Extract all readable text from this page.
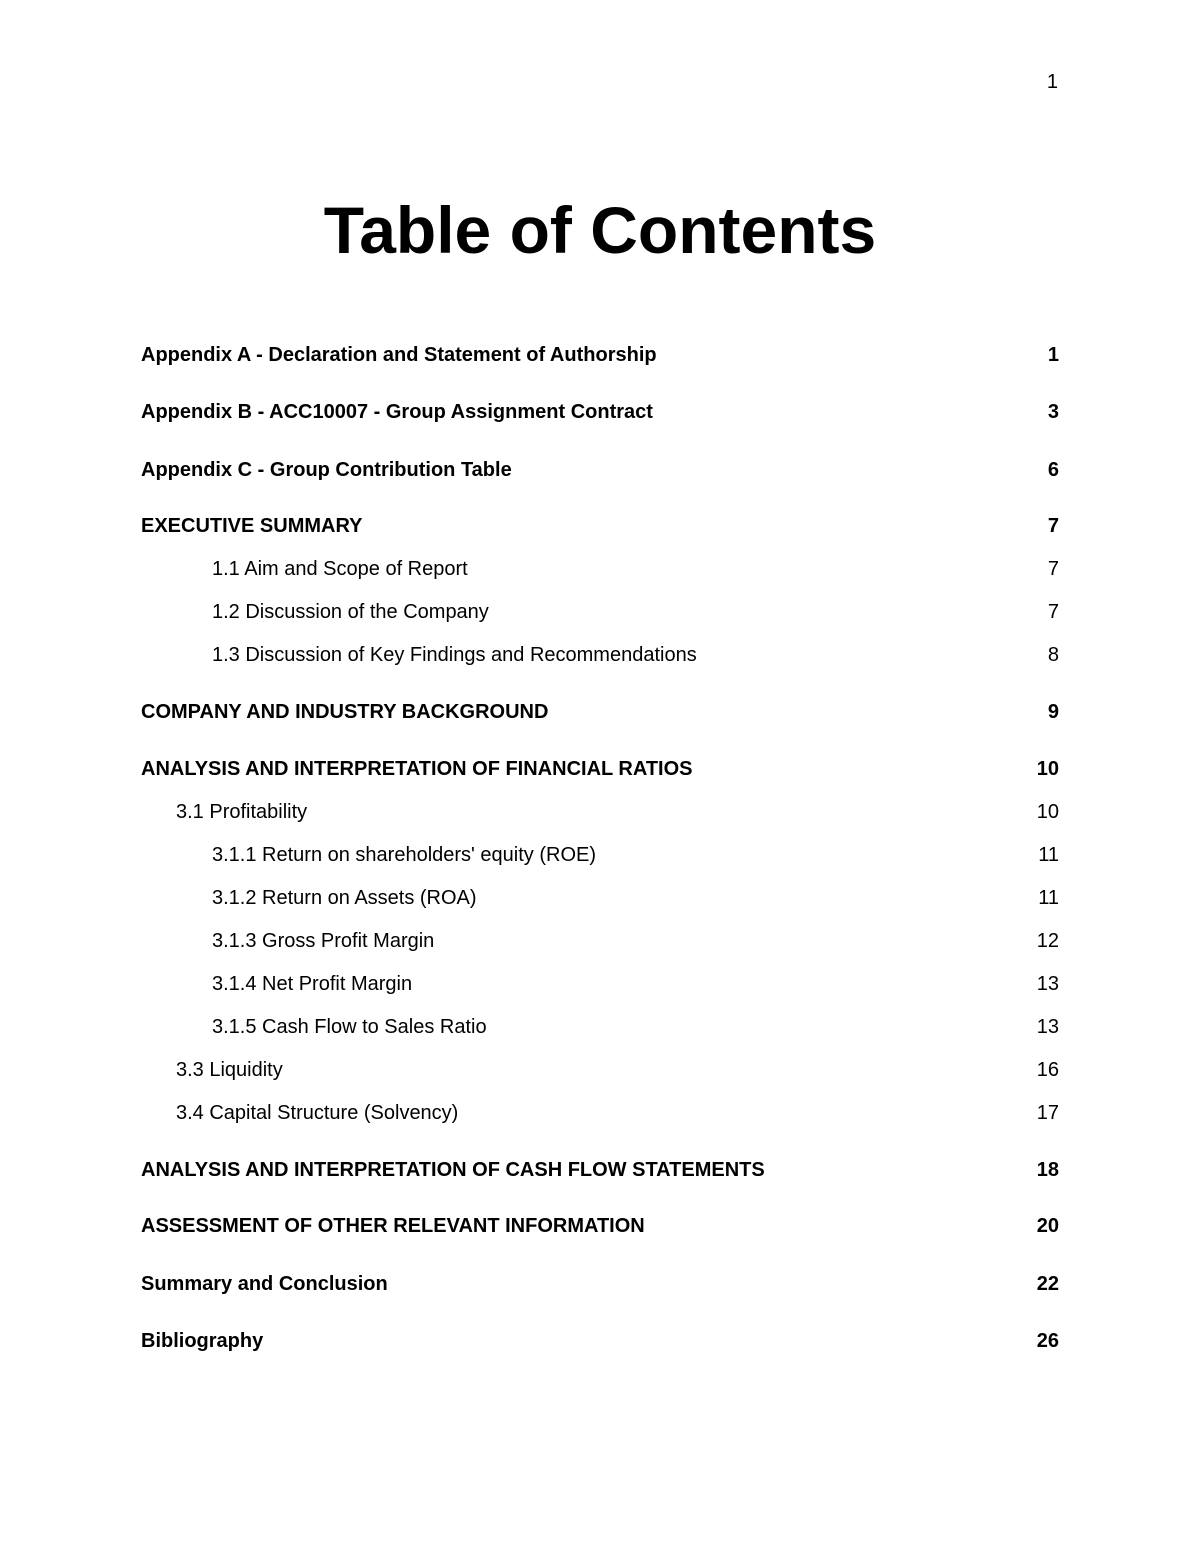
1
Table of Contents
Appendix A - Declaration and Statement of Authorship	1
Appendix B - ACC10007 - Group Assignment Contract	3
Appendix C - Group Contribution Table	6
EXECUTIVE SUMMARY	7
1.1 Aim and Scope of Report	7
1.2 Discussion of the Company	7
1.3 Discussion of Key Findings and Recommendations	8
COMPANY AND INDUSTRY BACKGROUND	9
ANALYSIS AND INTERPRETATION OF FINANCIAL RATIOS	10
3.1 Profitability	10
3.1.1 Return on shareholders' equity (ROE)	11
3.1.2 Return on Assets (ROA)	11
3.1.3 Gross Profit Margin	12
3.1.4 Net Profit Margin	13
3.1.5 Cash Flow to Sales Ratio	13
3.3 Liquidity	16
3.4 Capital Structure (Solvency)	17
ANALYSIS AND INTERPRETATION OF CASH FLOW STATEMENTS	18
ASSESSMENT OF OTHER RELEVANT INFORMATION	20
Summary and Conclusion	22
Bibliography	26
